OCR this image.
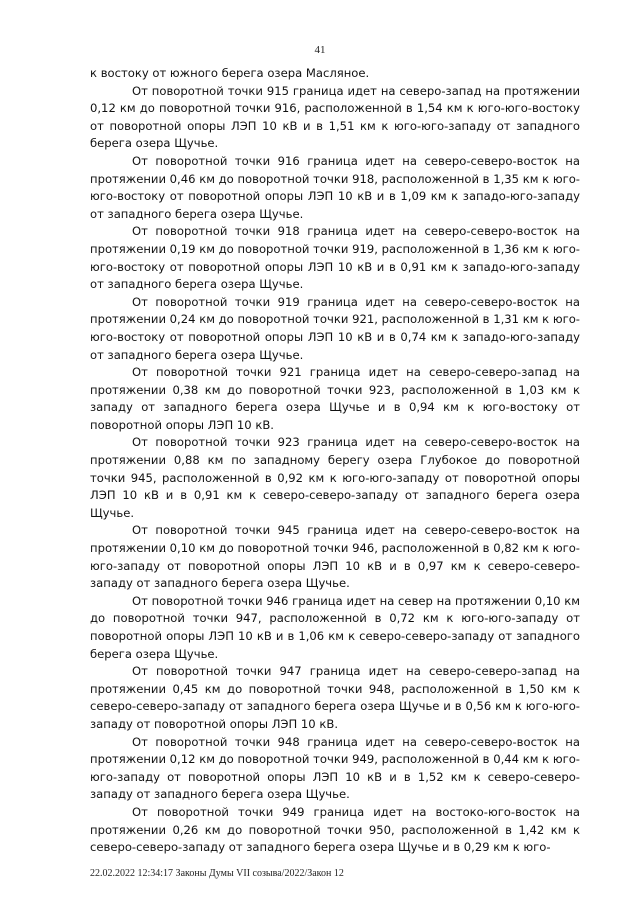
41

к востоку от южного берега озера Масляное.

От поворотной точки 915 граница идет на северо-запад на протяжении 0,12 км до поворотной точки 916, расположенной в 1,54 км к юго-юго-востоку от поворотной опоры ЛЭП 10 кВ и в 1,51 км к юго-юго-западу от западного берега озера Щучье.

От поворотной точки 916 граница идет на северо-северо-восток на протяжении 0,46 км до поворотной точки 918, расположенной в 1,35 км к юго-юго-востоку от поворотной опоры ЛЭП 10 кВ и в 1,09 км к западо-юго-западу от западного берега озера Щучье.

От поворотной точки 918 граница идет на северо-северо-восток на протяжении 0,19 км до поворотной точки 919, расположенной в 1,36 км к юго-юго-востоку от поворотной опоры ЛЭП 10 кВ и в 0,91 км к западо-юго-западу от западного берега озера Щучье.

От поворотной точки 919 граница идет на северо-северо-восток на протяжении 0,24 км до поворотной точки 921, расположенной в 1,31 км к юго-юго-востоку от поворотной опоры ЛЭП 10 кВ и в 0,74 км к западо-юго-западу от западного берега озера Щучье.

От поворотной точки 921 граница идет на северо-северо-запад на протяжении 0,38 км до поворотной точки 923, расположенной в 1,03 км к западу от западного берега озера Щучье и в 0,94 км к юго-востоку от поворотной опоры ЛЭП 10 кВ.

От поворотной точки 923 граница идет на северо-северо-восток на протяжении 0,88 км по западному берегу озера Глубокое до поворотной точки 945, расположенной в 0,92 км к юго-юго-западу от поворотной опоры ЛЭП 10 кВ и в 0,91 км к северо-северо-западу от западного берега озера Щучье.

От поворотной точки 945 граница идет на северо-северо-восток на протяжении 0,10 км до поворотной точки 946, расположенной в 0,82 км к юго-юго-западу от поворотной опоры ЛЭП 10 кВ и в 0,97 км к северо-северо-западу от западного берега озера Щучье.

От поворотной точки 946 граница идет на север на протяжении 0,10 км до поворотной точки 947, расположенной в 0,72 км к юго-юго-западу от поворотной опоры ЛЭП 10 кВ и в 1,06 км к северо-северо-западу от западного берега озера Щучье.

От поворотной точки 947 граница идет на северо-северо-запад на протяжении 0,45 км до поворотной точки 948, расположенной в 1,50 км к северо-северо-западу от западного берега озера Щучье и в 0,56 км к юго-юго-западу от поворотной опоры ЛЭП 10 кВ.

От поворотной точки 948 граница идет на северо-северо-восток на протяжении 0,12 км до поворотной точки 949, расположенной в 0,44 км к юго-юго-западу от поворотной опоры ЛЭП 10 кВ и в 1,52 км к северо-северо-западу от западного берега озера Щучье.

От поворотной точки 949 граница идет на востоко-юго-восток на протяжении 0,26 км до поворотной точки 950, расположенной в 1,42 км к северо-северо-западу от западного берега озера Щучье и в 0,29 км к юго-

22.02.2022 12:34:17 Законы Думы VII созыва/2022/Закон 12
